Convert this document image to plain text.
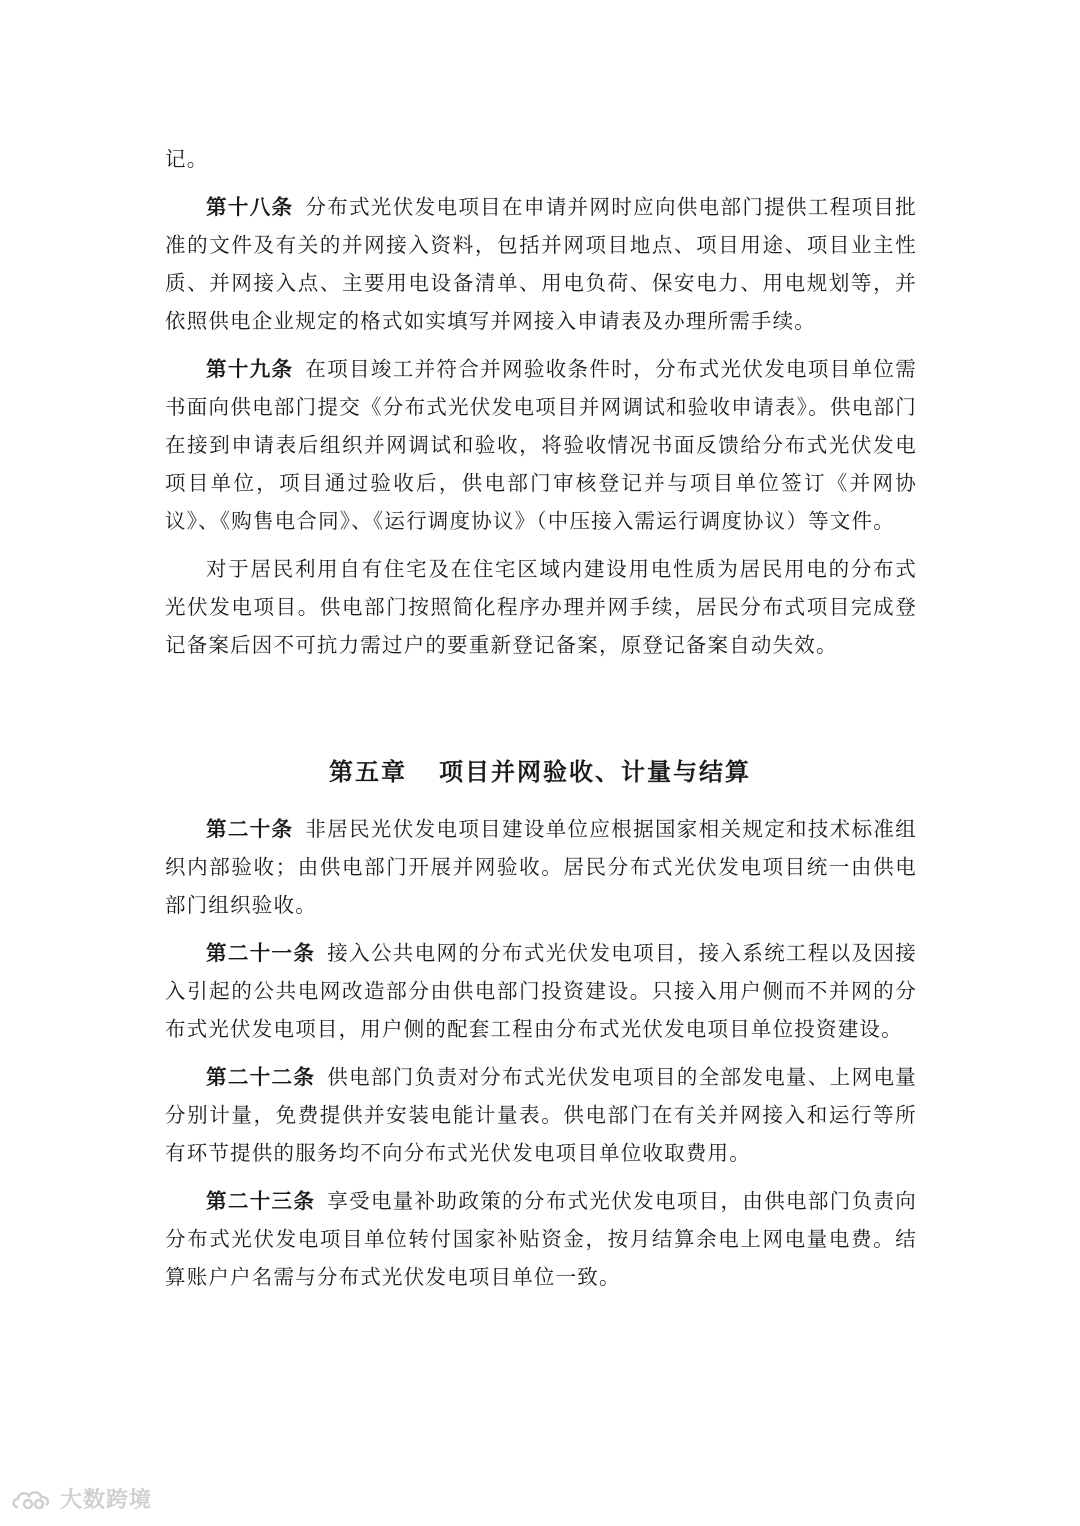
记。

第十八条 分布式光伏发电项目在申请并网时应向供电部门提供工程项目批准的文件及有关的并网接入资料，包括并网项目地点、项目用途、项目业主性质、并网接入点、主要用电设备清单、用电负荷、保安电力、用电规划等，并依照供电企业规定的格式如实填写并网接入申请表及办理所需手续。

第十九条 在项目竣工并符合并网验收条件时，分布式光伏发电项目单位需书面向供电部门提交《分布式光伏发电项目并网调试和验收申请表》。供电部门在接到申请表后组织并网调试和验收，将验收情况书面反馈给分布式光伏发电项目单位，项目通过验收后，供电部门审核登记并与项目单位签订《并网协议》、《购售电合同》、《运行调度协议》（中压接入需运行调度协议）等文件。

对于居民利用自有住宅及在住宅区域内建设用电性质为居民用电的分布式光伏发电项目。供电部门按照简化程序办理并网手续，居民分布式项目完成登记备案后因不可抗力需过户的要重新登记备案，原登记备案自动失效。

第五章 项目并网验收、计量与结算

第二十条 非居民光伏发电项目建设单位应根据国家相关规定和技术标准组织内部验收；由供电部门开展并网验收。居民分布式光伏发电项目统一由供电部门组织验收。

第二十一条 接入公共电网的分布式光伏发电项目，接入系统工程以及因接入引起的公共电网改造部分由供电部门投资建设。只接入用户侧而不并网的分布式光伏发电项目，用户侧的配套工程由分布式光伏发电项目单位投资建设。

第二十二条 供电部门负责对分布式光伏发电项目的全部发电量、上网电量分别计量，免费提供并安装电能计量表。供电部门在有关并网接入和运行等所有环节提供的服务均不向分布式光伏发电项目单位收取费用。

第二十三条 享受电量补助政策的分布式光伏发电项目，由供电部门负责向分布式光伏发电项目单位转付国家补贴资金，按月结算余电上网电量电费。结算账户户名需与分布式光伏发电项目单位一致。

大数跨境
